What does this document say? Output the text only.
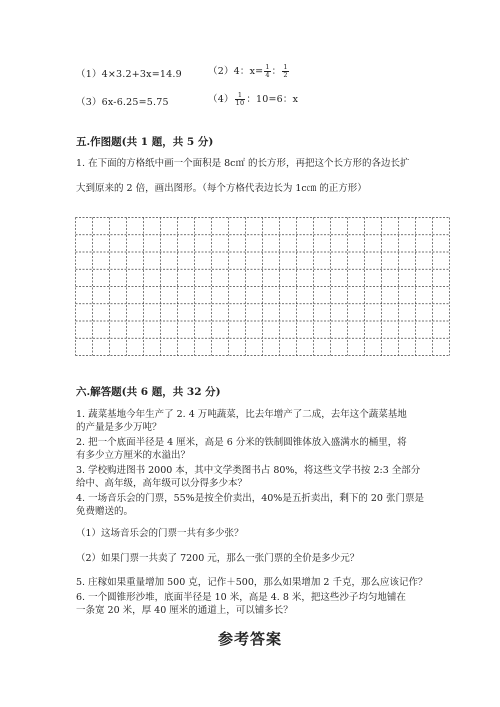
（1）4×3.2+3x=14.9	（2）4：$x= \frac{1}{4}$ ： $\frac{1}{2}$
（3）6x-6.25=5.75	$(4) \frac{1}{10}$ ：10=6：x
五.作图题(共 1 题，共 5 分)
1. 在下面的方格纸中画一个面积是 8c㎡ 的长方形，再把这个长方形的各边长扩
大到原来的 2 倍，画出图形。（每个方格代表边长为 1c㎝ 的正方形）
六.解答题(共 6 题，共 32 分)
1. 蔬菜基地今年生产了 2. 4 万吨蔬菜，比去年增产了二成，去年这个蔬菜基地
的产量是多少万吨？
2. 把一个底面半径是 4 厘米，高是 6 分米的铁制圆锥体放入盛满水的桶里，将
有多少立方厘米的水溢出？
3. 学校购进图书 2000 本，其中文学类图书占 80%，将这些文学书按 2:3 全部分
给中、高年级，高年级可以分得多少本？
4. 一场音乐会的门票，55%是按全价卖出，40%是五折卖出，剩下的 20 张门票是
免费赠送的。
（1）这场音乐会的门票一共有多少张？
（2）如果门票一共卖了 7200 元，那么一张门票的全价是多少元？
5. 庄稼如果重量增加 500 克，记作＋500，那么如果增加 2 千克，那么应该记作？
6. 一个圆锥形沙堆，底面半径是 10 米，高是 4. 8 米，把这些沙子均匀地铺在
一条宽 20 米，厚 40 厘米的通道上，可以铺多长？
参考答案
